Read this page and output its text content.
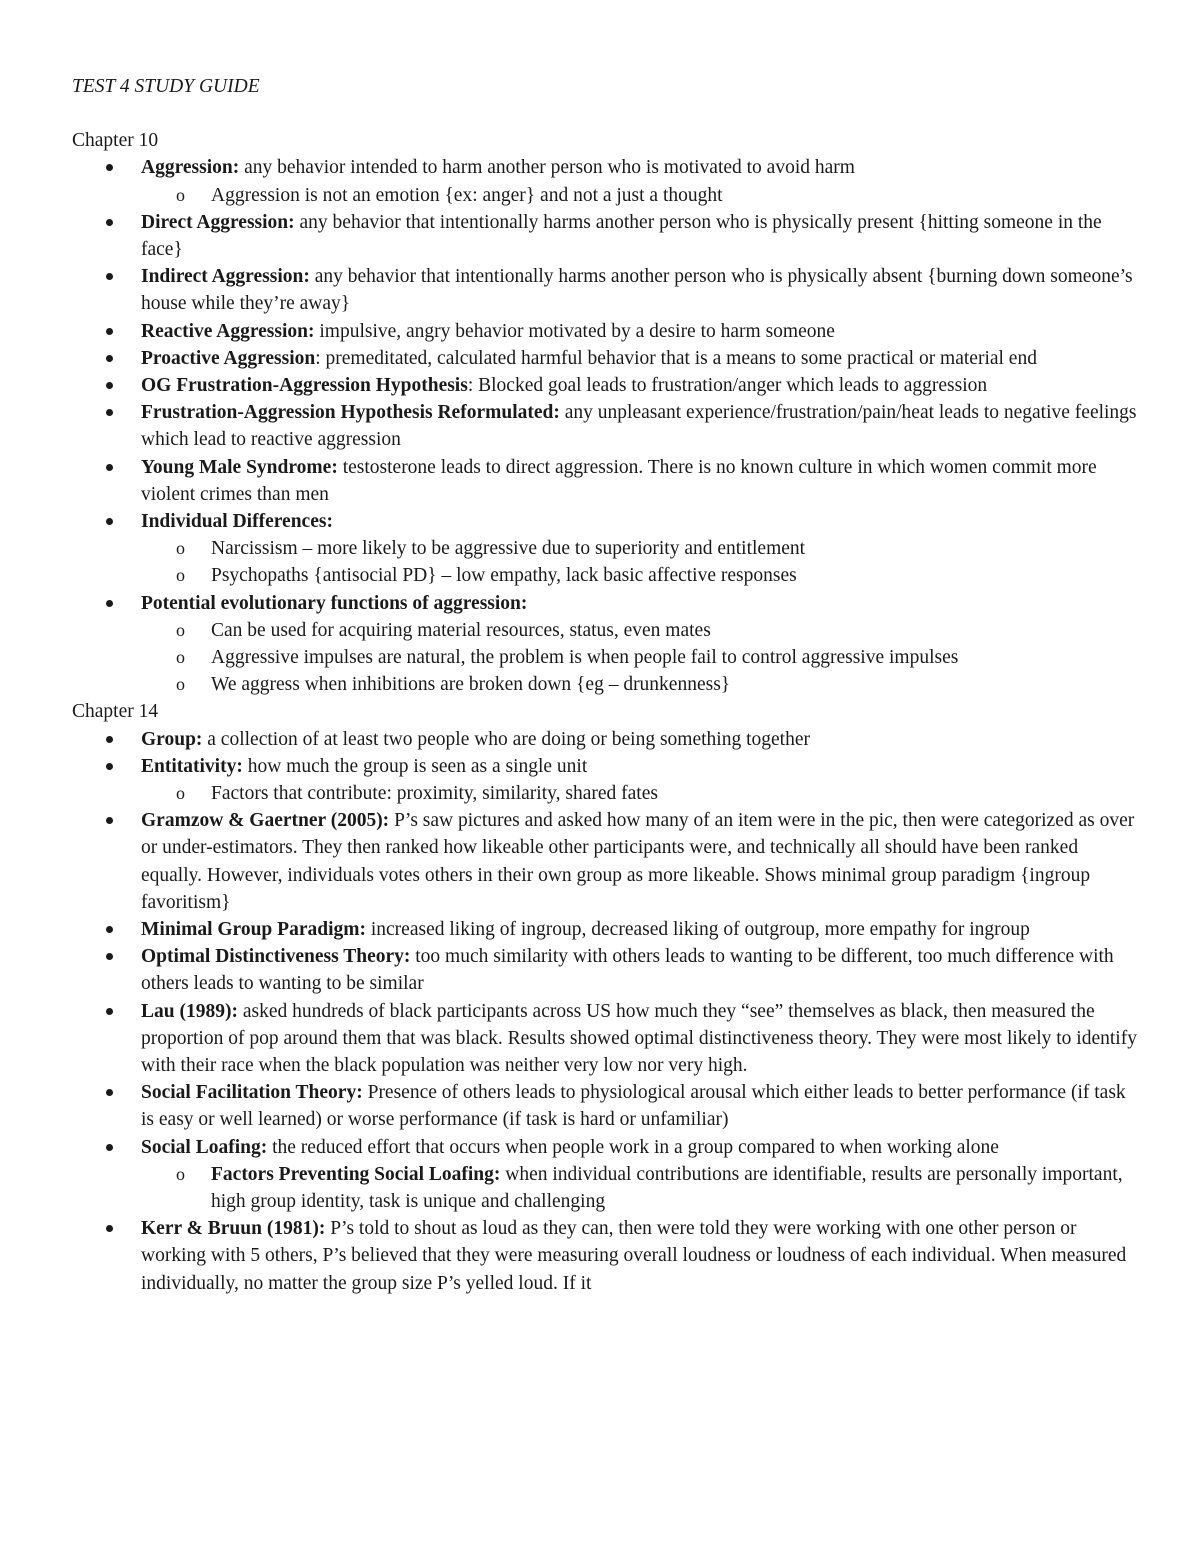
TEST 4 STUDY GUIDE
Chapter 10
Aggression: any behavior intended to harm another person who is motivated to avoid harm
o Aggression is not an emotion {ex: anger} and not a just a thought
Direct Aggression: any behavior that intentionally harms another person who is physically present {hitting someone in the face}
Indirect Aggression: any behavior that intentionally harms another person who is physically absent {burning down someone’s house while they’re away}
Reactive Aggression: impulsive, angry behavior motivated by a desire to harm someone
Proactive Aggression: premeditated, calculated harmful behavior that is a means to some practical or material end
OG Frustration-Aggression Hypothesis: Blocked goal leads to frustration/anger which leads to aggression
Frustration-Aggression Hypothesis Reformulated: any unpleasant experience/frustration/pain/heat leads to negative feelings which lead to reactive aggression
Young Male Syndrome: testosterone leads to direct aggression. There is no known culture in which women commit more violent crimes than men
Individual Differences:
o Narcissism – more likely to be aggressive due to superiority and entitlement
o Psychopaths {antisocial PD} – low empathy, lack basic affective responses
Potential evolutionary functions of aggression:
o Can be used for acquiring material resources, status, even mates
o Aggressive impulses are natural, the problem is when people fail to control aggressive impulses
o We aggress when inhibitions are broken down {eg – drunkenness}
Chapter 14
Group: a collection of at least two people who are doing or being something together
Entitativity: how much the group is seen as a single unit
o Factors that contribute: proximity, similarity, shared fates
Gramzow & Gaertner (2005): P’s saw pictures and asked how many of an item were in the pic, then were categorized as over or under-estimators. They then ranked how likeable other participants were, and technically all should have been ranked equally. However, individuals votes others in their own group as more likeable. Shows minimal group paradigm {ingroup favoritism}
Minimal Group Paradigm: increased liking of ingroup, decreased liking of outgroup, more empathy for ingroup
Optimal Distinctiveness Theory: too much similarity with others leads to wanting to be different, too much difference with others leads to wanting to be similar
Lau (1989): asked hundreds of black participants across US how much they “see” themselves as black, then measured the proportion of pop around them that was black. Results showed optimal distinctiveness theory. They were most likely to identify with their race when the black population was neither very low nor very high.
Social Facilitation Theory: Presence of others leads to physiological arousal which either leads to better performance (if task is easy or well learned) or worse performance (if task is hard or unfamiliar)
Social Loafing: the reduced effort that occurs when people work in a group compared to when working alone
o Factors Preventing Social Loafing: when individual contributions are identifiable, results are personally important, high group identity, task is unique and challenging
Kerr & Bruun (1981): P’s told to shout as loud as they can, then were told they were working with one other person or working with 5 others, P’s believed that they were measuring overall loudness or loudness of each individual. When measured individually, no matter the group size P’s yelled loud. If it
